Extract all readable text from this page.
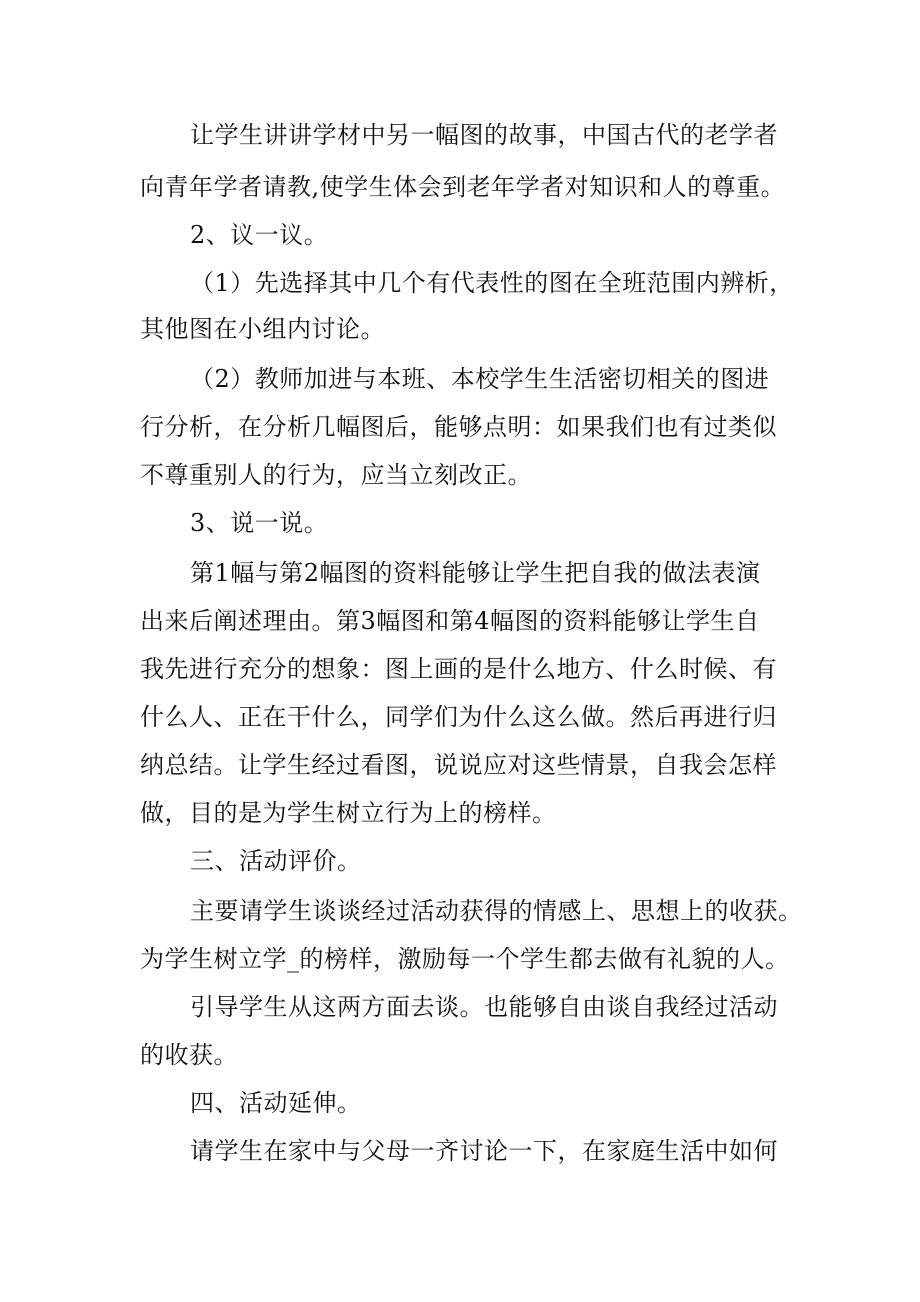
让学生讲讲学材中另一幅图的故事，中国古代的老学者
向青年学者请教,使学生体会到老年学者对知识和人的尊重。
2、议一议。
（1）先选择其中几个有代表性的图在全班范围内辨析，
其他图在小组内讨论。
（2）教师加进与本班、本校学生生活密切相关的图进
行分析，在分析几幅图后，能够点明：如果我们也有过类似
不尊重别人的行为，应当立刻改正。
3、说一说。
第1幅与第2幅图的资料能够让学生把自我的做法表演
出来后阐述理由。第3幅图和第4幅图的资料能够让学生自
我先进行充分的想象：图上画的是什么地方、什么时候、有
什么人、正在干什么，同学们为什么这么做。然后再进行归
纳总结。让学生经过看图，说说应对这些情景，自我会怎样
做，目的是为学生树立行为上的榜样。
三、活动评价。
主要请学生谈谈经过活动获得的情感上、思想上的收获。
为学生树立学_的榜样，激励每一个学生都去做有礼貌的人。
引导学生从这两方面去谈。也能够自由谈自我经过活动
的收获。
四、活动延伸。
请学生在家中与父母一齐讨论一下，在家庭生活中如何
